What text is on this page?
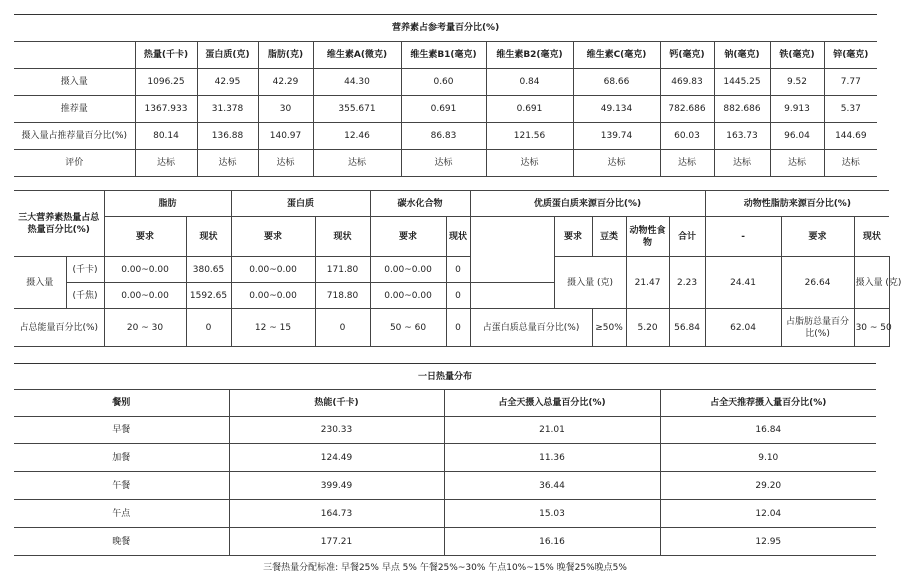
营养素占参考量百分比(%)											
	热量(千卡)	蛋白质(克)	脂肪(克)	维生素A(微克)	维生素B1(毫克)	维生素B2(毫克)	维生素C(毫克)	钙(毫克)	钠(毫克)	铁(毫克)	锌(毫克)
摄入量	1096.25	42.95	42.29	44.30	0.60	0.84	68.66	469.83	1445.25	9.52	7.77
推荐量	1367.933	31.378	30	355.671	0.691	0.691	49.134	782.686	882.686	9.913	5.37
摄入量占推荐量百分比(%)	80.14	136.88	140.97	12.46	86.83	121.56	139.74	60.03	163.73	96.04	144.69
评价	达标	达标	达标	达标	达标	达标	达标	达标	达标	达标	达标
三大营养素热量占总热量百分比(%)		脂肪		蛋白质		碳水化合物		优质蛋白质来源百分比(%)					动物性脂肪来源百分比(%)			
		要求	现状	要求	现状	要求	现状		要求	豆类	动物性食物	合计	-	要求	现状	

摄入量	(千卡)	0.00~0.00	380.65	0.00~0.00	171.80	0.00~0.00	0		摄入量 (克)		21.47	2.23	24.41	26.64	摄入量 (克)		
	(千焦)	0.00~0.00	1592.65	0.00~0.00	718.80	0.00~0.00	0									
占总能量百分比(%)		20 ~ 30	0	12 ~ 15	0	50 ~ 60	0	占蛋白质总量百分比(%)		≥50%	5.20	56.84	62.04	占脂肪总量百分比(%)	30 ~ 50	
一日热量分布			
餐别	热能(千卡)	占全天摄入总量百分比(%)	占全天推荐摄入量百分比(%)
早餐	230.33	21.01	16.84
加餐	124.49	11.36	9.10
午餐	399.49	36.44	29.20
午点	164.73	15.03	12.04
晚餐	177.21	16.16	12.95
三餐热量分配标准: 早餐25% 早点 5% 午餐25%~30% 午点10%~15% 晚餐25%晚点5%			
